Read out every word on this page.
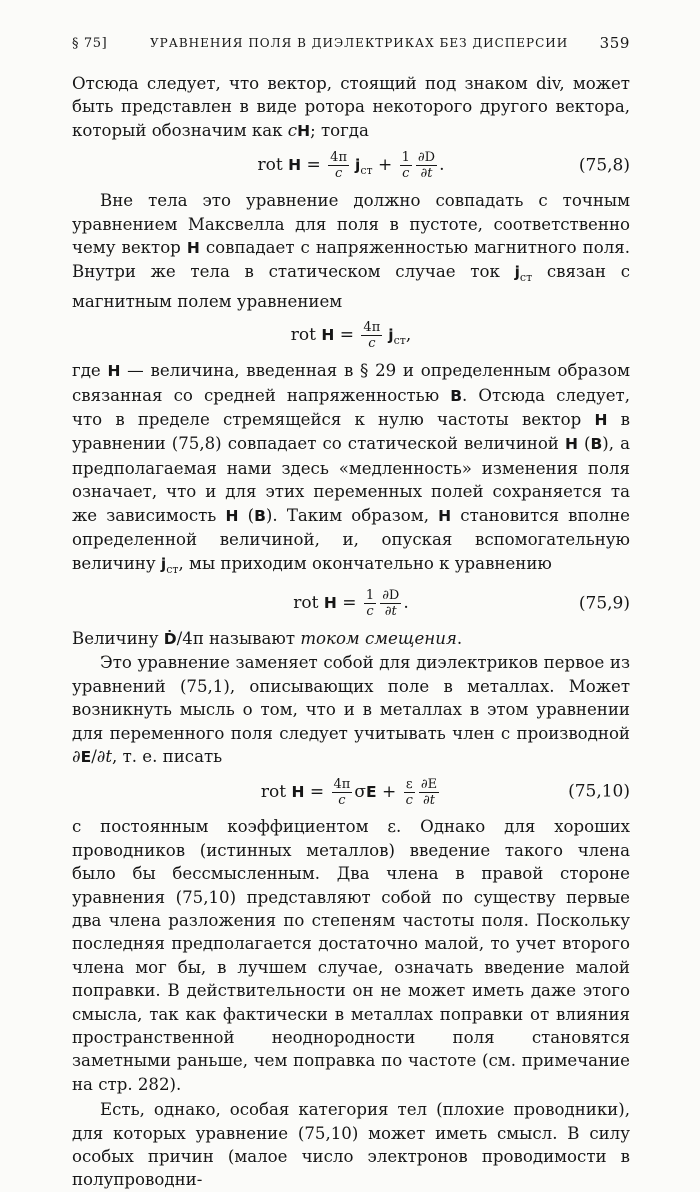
§ 75]	УРАВНЕНИЯ ПОЛЯ В ДИЭЛЕКТРИКАХ БЕЗ ДИСПЕРСИИ 359

Отсюда следует, что вектор, стоящий под знаком div, может быть представлен в виде ротора некоторого другого вектора, который обозначим как cH; тогда

rot $H = \frac{4\pi}{c} j_{ст} + \frac{1}{c} \frac{\partial D}{\partial t}$ .	(75,8)

Вне тела это уравнение должно совпадать с точным уравнением Максвелла для поля в пустоте, соответственно чему вектор H совпадает с напряженностью магнитного поля. Внутри же тела в статическом случае ток $j_{ст}$ связан с магнитным полем уравнением

rot $H = \frac{4\pi}{c} j_{ст}$,

где H — величина, введенная в § 29 и определенным образом связанная со средней напряженностью B. Отсюда следует, что в пределе стремящейся к нулю частоты вектор H в уравнении (75,8) совпадает со статической величиной H (B), а предполагаемая нами здесь «медленность» изменения поля означает, что и для этих переменных полей сохраняется та же зависимость H (B). Таким образом, H становится вполне определенной величиной, и, опуская вспомогательную величину $j_{ст}$, мы приходим окончательно к уравнению

rot $H = \frac{1}{c} \frac{\partial D}{\partial t}$ .	(75,9)

Величину Ḋ/4π называют током смещения.

Это уравнение заменяет собой для диэлектриков первое из уравнений (75,1), описывающих поле в металлах. Может возникнуть мысль о том, что и в металлах в этом уравнении для переменного поля следует учитывать член с производной ∂E/∂t, т. е. писать

rot $H = \frac{4\pi}{c}$ $\sigma E + \frac{\varepsilon}{c} \frac{\partial E}{\partial t}$	(75,10)

с постоянным коэффициентом ε. Однако для хороших проводников (истинных металлов) введение такого члена было бы бессмысленным. Два члена в правой стороне уравнения (75,10) представляют собой по существу первые два члена разложения по степеням частоты поля. Поскольку последняя предполагается достаточно малой, то учет второго члена мог бы, в лучшем случае, означать введение малой поправки. В действительности он не может иметь даже этого смысла, так как фактически в металлах поправки от влияния пространственной неоднородности поля становятся заметными раньше, чем поправка по частоте (см. примечание на стр. 282).

Есть, однако, особая категория тел (плохие проводники), для которых уравнение (75,10) может иметь смысл. В силу особых причин (малое число электронов проводимости в полупроводни-
